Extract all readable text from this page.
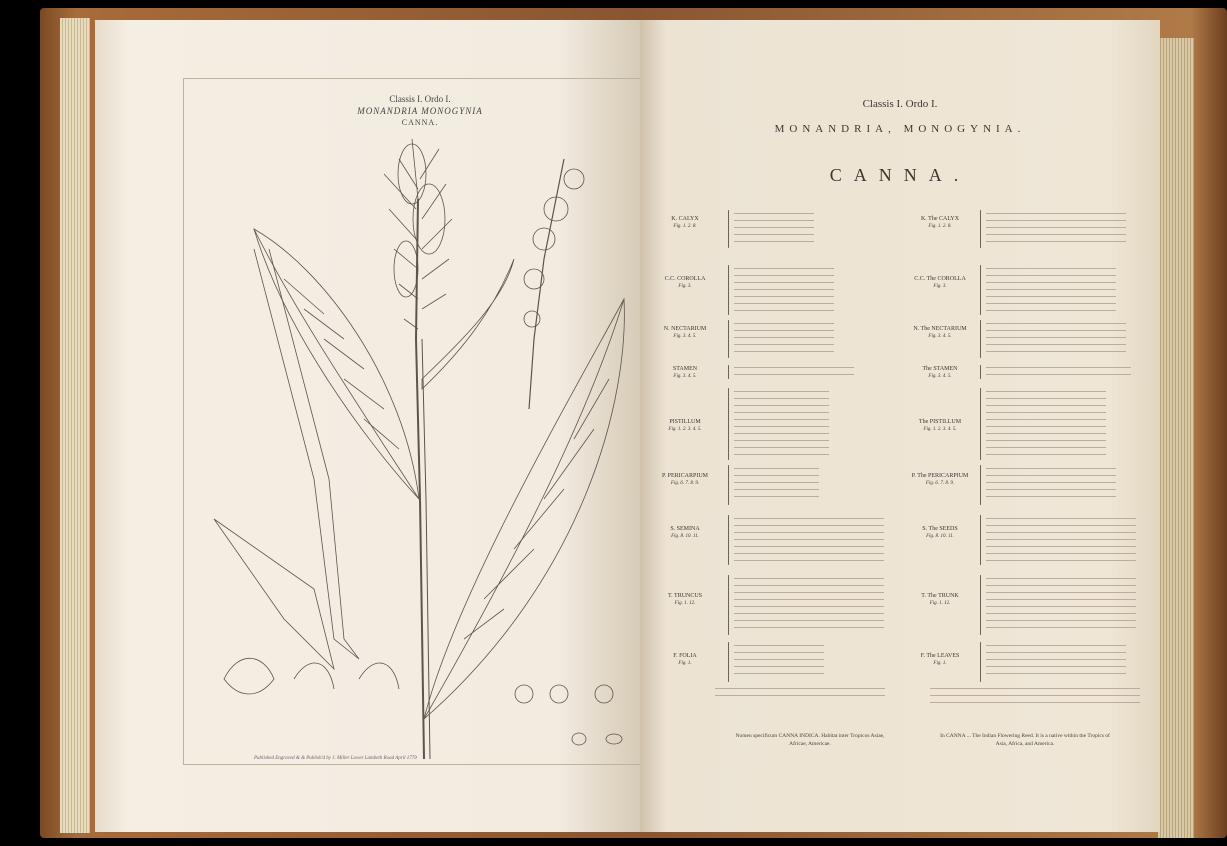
Classis I. Ordo I.
MONANDRIA MONOGYNIA
CANNA.
Published Engraved & & Publish'd by J. Miller Lower Lambeth Road April 1779
Classis I. Ordo I.
MONANDRIA, MONOGYNIA.
CANNA.
K. CALYX
Fig. 1. 2. 8.
C.C. COROLLA
Fig. 3.
N. NECTARIUM
Fig. 3. 4. 5.
STAMEN
Fig. 3. 4. 5.
PISTILLUM
Fig. 1. 2. 3. 4. 5.
P. PERICARPIUM
Fig. 6. 7. 8. 9.
S. SEMINA
Fig. 8. 10. 11.
T. TRUNCUS
Fig. 1. 12.
F. FOLIA
Fig. 1.
K. The CALYX
Fig. 1. 2. 8.
C.C. The COROLLA
Fig. 3.
N. The NECTARIUM
Fig. 3. 4. 5.
The STAMEN
Fig. 3. 4. 5.
The PISTILLUM
Fig. 1. 2. 3. 4. 5.
P. The PERICARPIUM
Fig. 6. 7. 8. 9.
S. The SEEDS
Fig. 8. 10. 11.
T. The TRUNK
Fig. 1. 12.
F. The LEAVES
Fig. 1.
Nomen specificum CANNA INDICA. Habitat inter Tropicos Asiae, Africae, Americae.
In CANNA ... The Indian Flowering Reed. It is a native within the Tropics of Asia, Africa, and America.
